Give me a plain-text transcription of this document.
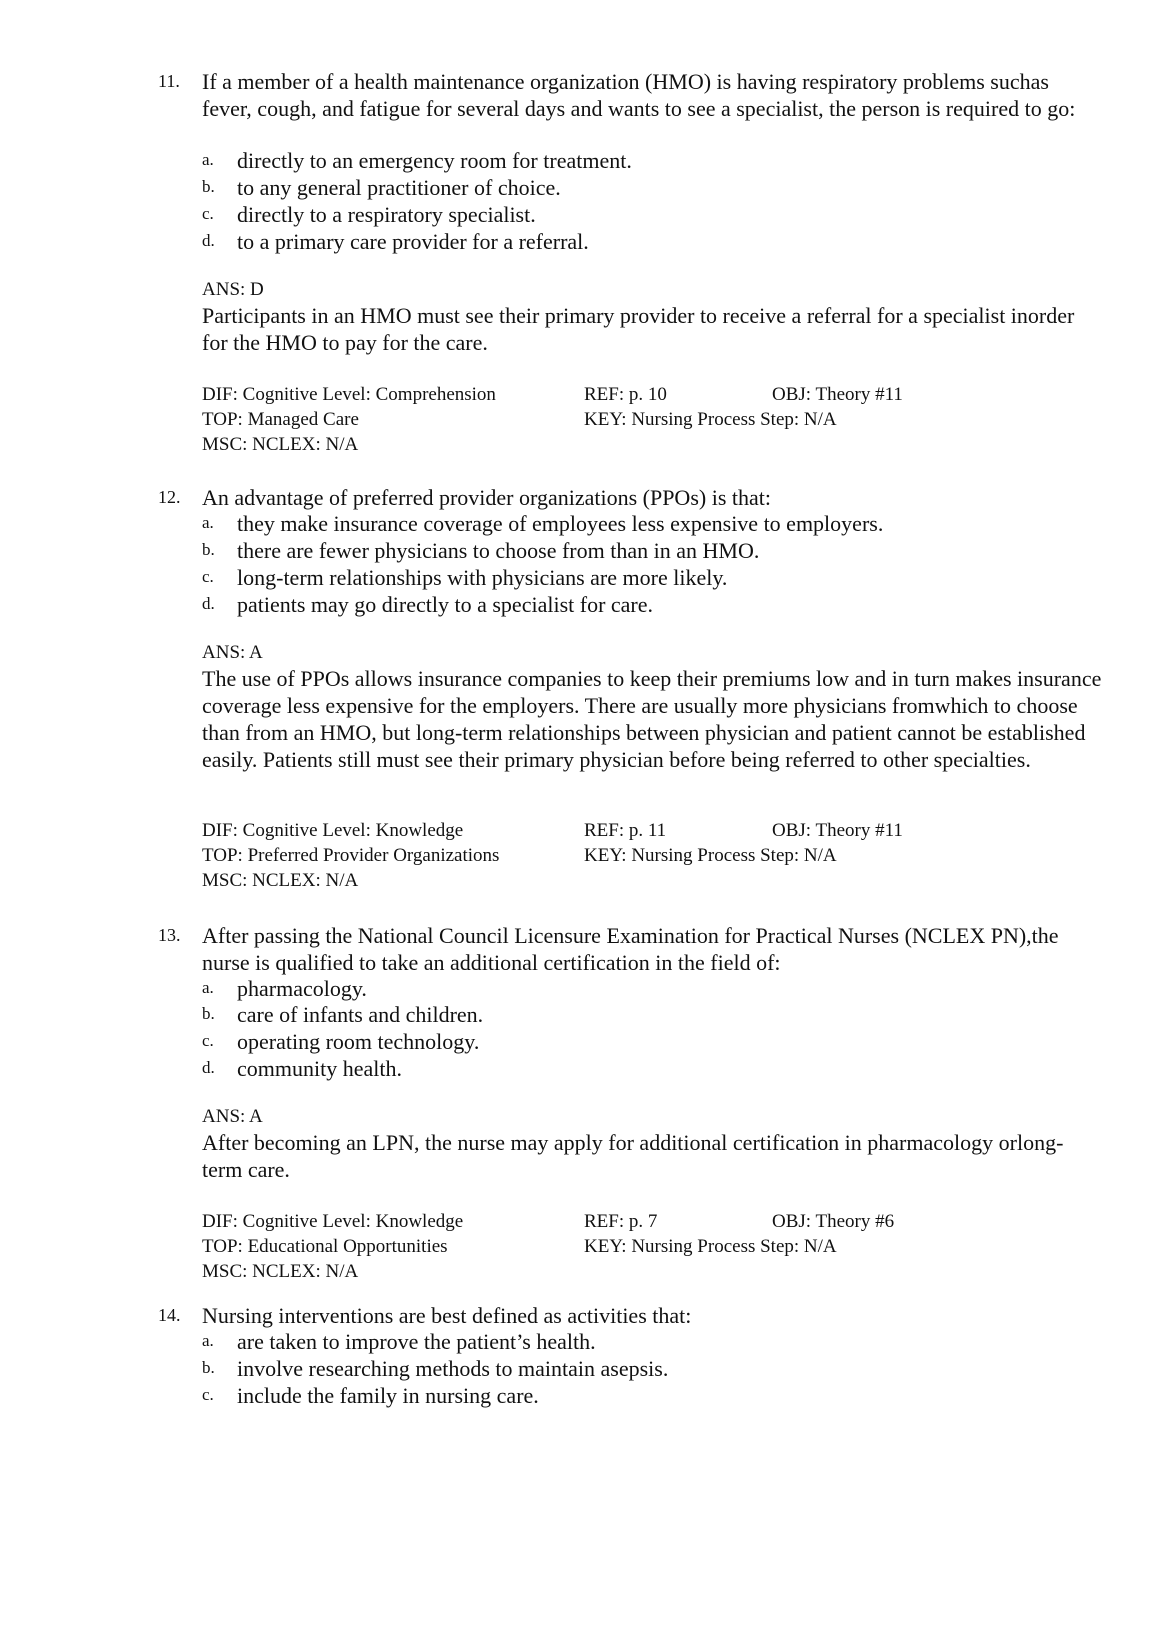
11. If a member of a health maintenance organization (HMO) is having respiratory problems suchas fever, cough, and fatigue for several days and wants to see a specialist, the person is required to go:
a.	directly to an emergency room for treatment.
b.	to any general practitioner of choice.
c.	directly to a respiratory specialist.
d.	to a primary care provider for a referral.
ANS: D
Participants in an HMO must see their primary provider to receive a referral for a specialist inorder for the HMO to pay for the care.
DIF: Cognitive Level: Comprehension	REF: p. 10	OBJ: Theory #11
TOP: Managed Care	KEY: Nursing Process Step: N/A
MSC: NCLEX: N/A
12. An advantage of preferred provider organizations (PPOs) is that:
a.	they make insurance coverage of employees less expensive to employers.
b.	there are fewer physicians to choose from than in an HMO.
c.	long-term relationships with physicians are more likely.
d.	patients may go directly to a specialist for care.
ANS: A
The use of PPOs allows insurance companies to keep their premiums low and in turn makes insurance coverage less expensive for the employers. There are usually more physicians fromwhich to choose than from an HMO, but long-term relationships between physician and patient cannot be established easily. Patients still must see their primary physician before being referred to other specialties.
DIF: Cognitive Level: Knowledge	REF: p. 11	OBJ: Theory #11
TOP: Preferred Provider Organizations	KEY: Nursing Process Step: N/A
MSC: NCLEX: N/A
13. After passing the National Council Licensure Examination for Practical Nurses (NCLEX PN),the nurse is qualified to take an additional certification in the field of:
a.	pharmacology.
b.	care of infants and children.
c.	operating room technology.
d.	community health.
ANS: A
After becoming an LPN, the nurse may apply for additional certification in pharmacology orlong-term care.
DIF: Cognitive Level: Knowledge	REF: p. 7	OBJ: Theory #6
TOP: Educational Opportunities	KEY: Nursing Process Step: N/A
MSC: NCLEX: N/A
14. Nursing interventions are best defined as activities that:
a.	are taken to improve the patient’s health.
b.	involve researching methods to maintain asepsis.
c.	include the family in nursing care.
